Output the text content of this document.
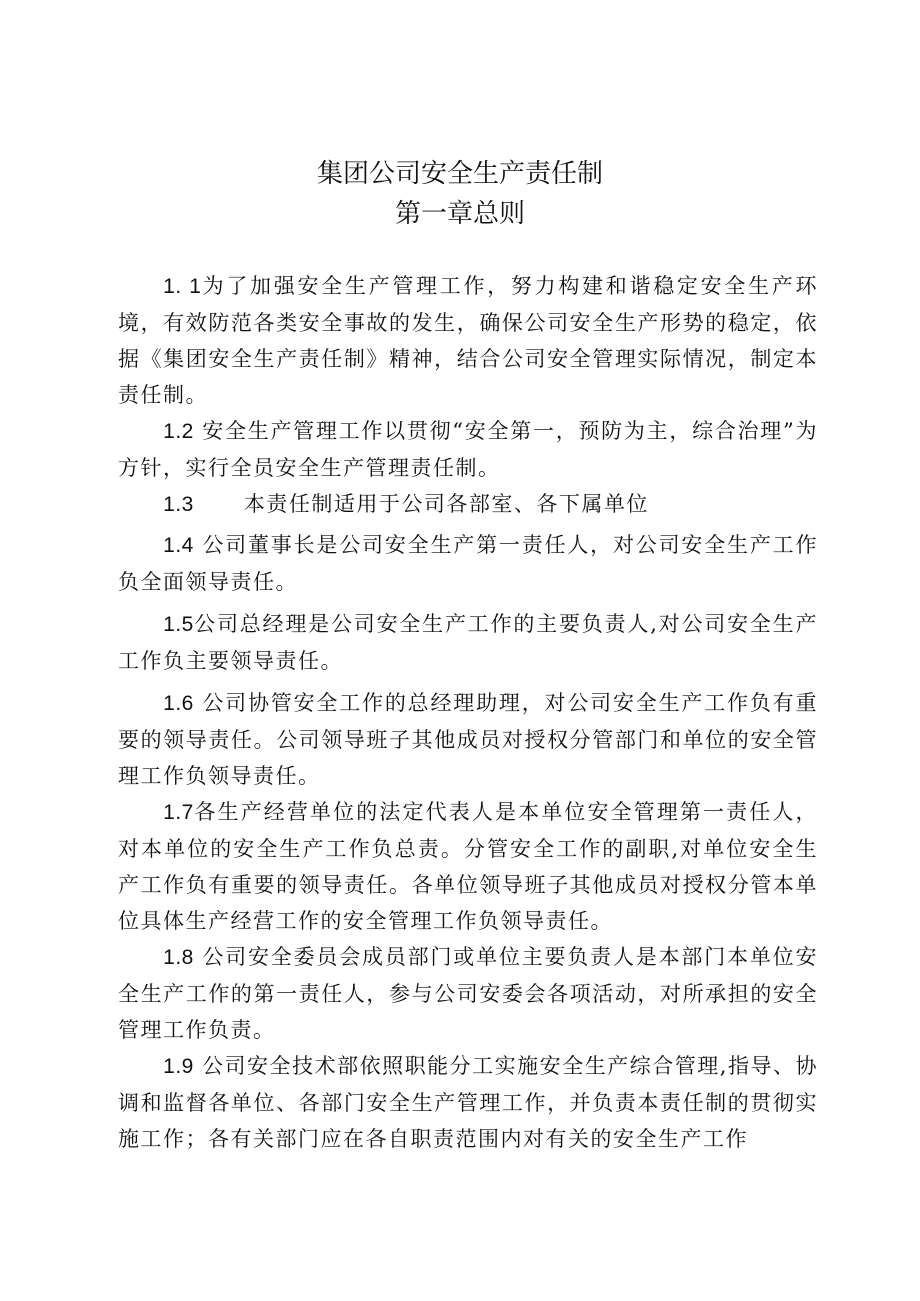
集团公司安全生产责任制
第一章总则

1. 1为了加强安全生产管理工作，努力构建和谐稳定安全生产环境，有效防范各类安全事故的发生，确保公司安全生产形势的稳定，依据《集团安全生产责任制》精神，结合公司安全管理实际情况，制定本责任制。

1.2 安全生产管理工作以贯彻“安全第一，预防为主，综合治理”为方针，实行全员安全生产管理责任制。

1.3 本责任制适用于公司各部室、各下属单位

1.4 公司董事长是公司安全生产第一责任人，对公司安全生产工作负全面领导责任。

1.5公司总经理是公司安全生产工作的主要负责人,对公司安全生产工作负主要领导责任。

1.6 公司协管安全工作的总经理助理，对公司安全生产工作负有重要的领导责任。公司领导班子其他成员对授权分管部门和单位的安全管理工作负领导责任。

1.7各生产经营单位的法定代表人是本单位安全管理第一责任人，对本单位的安全生产工作负总责。分管安全工作的副职,对单位安全生产工作负有重要的领导责任。各单位领导班子其他成员对授权分管本单位具体生产经营工作的安全管理工作负领导责任。

1.8 公司安全委员会成员部门或单位主要负责人是本部门本单位安全生产工作的第一责任人，参与公司安委会各项活动，对所承担的安全管理工作负责。

1.9 公司安全技术部依照职能分工实施安全生产综合管理,指导、协调和监督各单位、各部门安全生产管理工作，并负责本责任制的贯彻实施工作；各有关部门应在各自职责范围内对有关的安全生产工作
